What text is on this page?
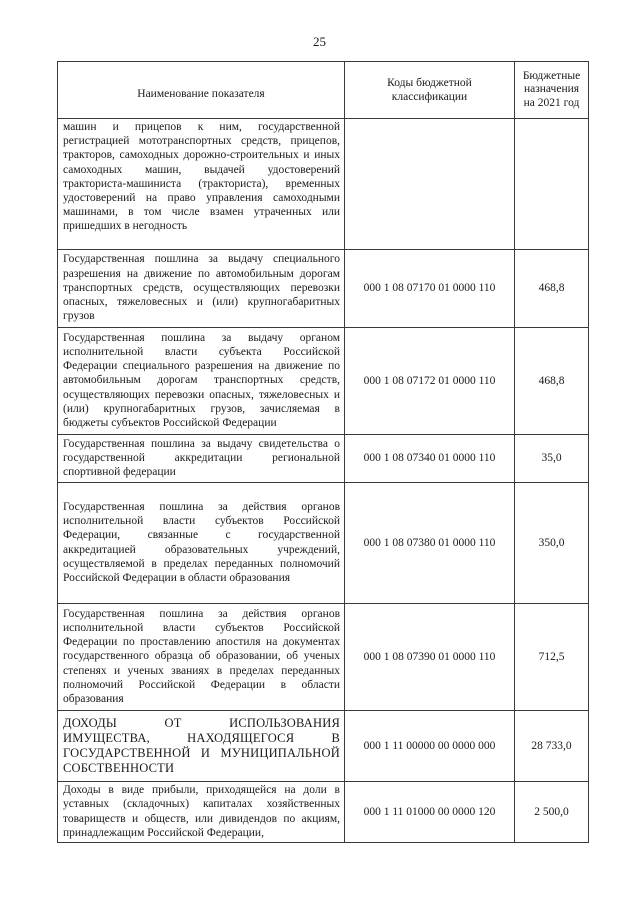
25
Наименование показателя	Коды бюджетной классификации	Бюджетные назначения на 2021 год
машин и прицепов к ним, государственной регистрацией мототранспортных средств, прицепов, тракторов, самоходных дорожно-строительных и иных самоходных машин, выдачей удостоверений тракториста-машиниста (тракториста), временных удостоверений на право управления самоходными машинами, в том числе взамен утраченных или пришедших в негодность		
Государственная пошлина за выдачу специального разрешения на движение по автомобильным дорогам транспортных средств, осуществляющих перевозки опасных, тяжеловесных и (или) крупногабаритных грузов	000 1 08 07170 01 0000 110	468,8
Государственная пошлина за выдачу органом исполнительной власти субъекта Российской Федерации специального разрешения на движение по автомобильным дорогам транспортных средств, осуществляющих перевозки опасных, тяжеловесных и (или) крупногабаритных грузов, зачисляемая в бюджеты субъектов Российской Федерации	000 1 08 07172 01 0000 110	468,8
Государственная пошлина за выдачу свидетельства о государственной аккредитации региональной спортивной федерации	000 1 08 07340 01 0000 110	35,0
Государственная пошлина за действия органов исполнительной власти субъектов Российской Федерации, связанные с государственной аккредитацией образовательных учреждений, осуществляемой в пределах переданных полномочий Российской Федерации в области образования	000 1 08 07380 01 0000 110	350,0
Государственная пошлина за действия органов исполнительной власти субъектов Российской Федерации по проставлению апостиля на документах государственного образца об образовании, об ученых степенях и ученых званиях в пределах переданных полномочий Российской Федерации в области образования	000 1 08 07390 01 0000 110	712,5
ДОХОДЫ ОТ ИСПОЛЬЗОВАНИЯ ИМУЩЕСТВА, НАХОДЯЩЕГОСЯ В ГОСУДАРСТВЕННОЙ И МУНИЦИПАЛЬНОЙ СОБСТВЕННОСТИ	000 1 11 00000 00 0000 000	28 733,0
Доходы в виде прибыли, приходящейся на доли в уставных (складочных) капиталах хозяйственных товариществ и обществ, или дивидендов по акциям, принадлежащим Российской Федерации,	000 1 11 01000 00 0000 120	2 500,0
